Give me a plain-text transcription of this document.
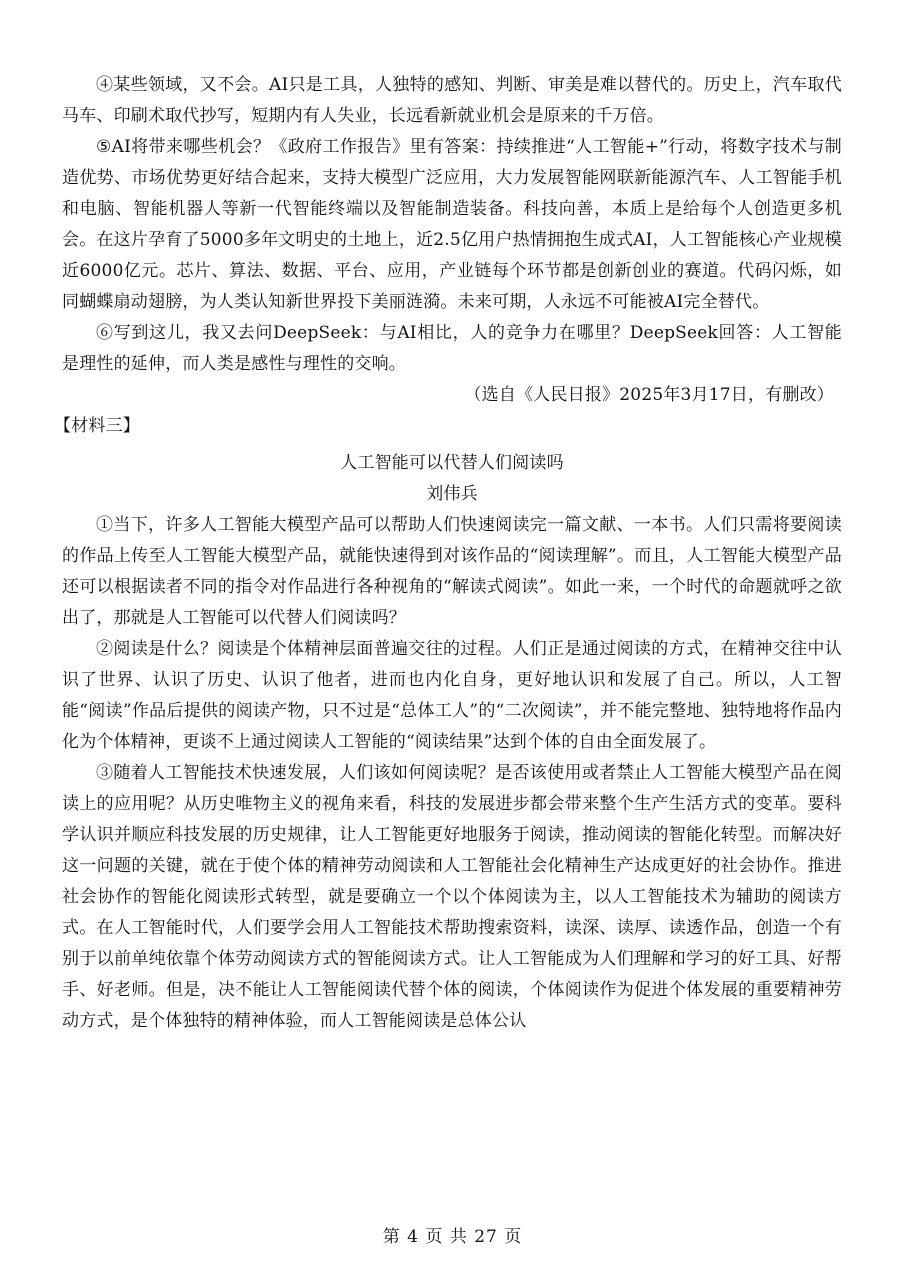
④某些领域，又不会。AI只是工具，人独特的感知、判断、审美是难以替代的。历史上，汽车取代马车、印刷术取代抄写，短期内有人失业，长远看新就业机会是原来的千万倍。

⑤AI将带来哪些机会？《政府工作报告》里有答案：持续推进“人工智能+”行动，将数字技术与制造优势、市场优势更好结合起来，支持大模型广泛应用，大力发展智能网联新能源汽车、人工智能手机和电脑、智能机器人等新一代智能终端以及智能制造装备。科技向善，本质上是给每个人创造更多机会。在这片孕育了5000多年文明史的土地上，近2.5亿用户热情拥抱生成式AI，人工智能核心产业规模近6000亿元。芯片、算法、数据、平台、应用，产业链每个环节都是创新创业的赛道。代码闪烁，如同蝴蝶扇动翅膀，为人类认知新世界投下美丽涟漪。未来可期，人永远不可能被AI完全替代。

⑥写到这儿，我又去问DeepSeek：与AI相比，人的竞争力在哪里？DeepSeek回答：人工智能是理性的延伸，而人类是感性与理性的交响。

（选自《人民日报》2025年3月17日，有删改）

【材料三】

人工智能可以代替人们阅读吗

刘伟兵

①当下，许多人工智能大模型产品可以帮助人们快速阅读完一篇文献、一本书。人们只需将要阅读的作品上传至人工智能大模型产品，就能快速得到对该作品的“阅读理解”。而且，人工智能大模型产品还可以根据读者不同的指令对作品进行各种视角的“解读式阅读”。如此一来，一个时代的命题就呼之欲出了，那就是人工智能可以代替人们阅读吗？

②阅读是什么？阅读是个体精神层面普遍交往的过程。人们正是通过阅读的方式，在精神交往中认识了世界、认识了历史、认识了他者，进而也内化自身，更好地认识和发展了自己。所以，人工智能“阅读”作品后提供的阅读产物，只不过是“总体工人”的“二次阅读”，并不能完整地、独特地将作品内化为个体精神，更谈不上通过阅读人工智能的“阅读结果”达到个体的自由全面发展了。

③随着人工智能技术快速发展，人们该如何阅读呢？是否该使用或者禁止人工智能大模型产品在阅读上的应用呢？从历史唯物主义的视角来看，科技的发展进步都会带来整个生产生活方式的变革。要科学认识并顺应科技发展的历史规律，让人工智能更好地服务于阅读，推动阅读的智能化转型。而解决好这一问题的关键，就在于使个体的精神劳动阅读和人工智能社会化精神生产达成更好的社会协作。推进社会协作的智能化阅读形式转型，就是要确立一个以个体阅读为主，以人工智能技术为辅助的阅读方式。在人工智能时代，人们要学会用人工智能技术帮助搜索资料，读深、读厚、读透作品，创造一个有别于以前单纯依靠个体劳动阅读方式的智能阅读方式。让人工智能成为人们理解和学习的好工具、好帮手、好老师。但是，决不能让人工智能阅读代替个体的阅读，个体阅读作为促进个体发展的重要精神劳动方式，是个体独特的精神体验，而人工智能阅读是总体公认

第 4 页 共 27 页
